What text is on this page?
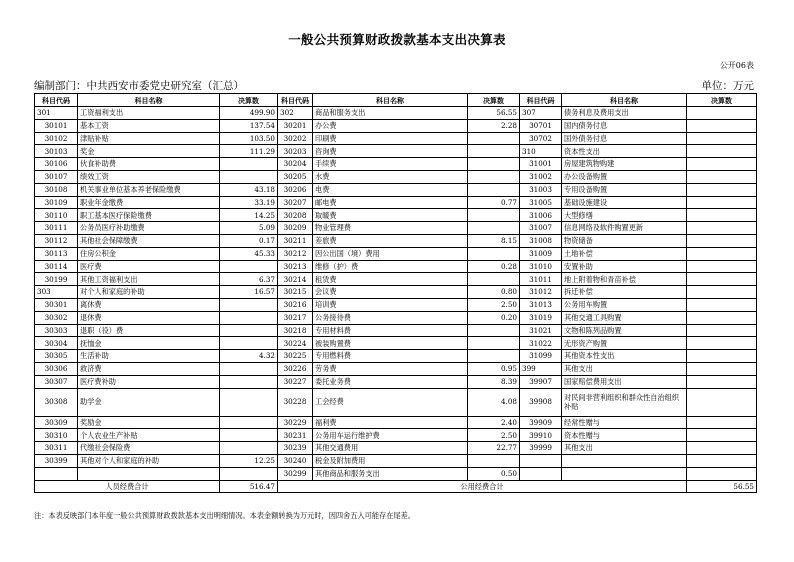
一般公共预算财政拨款基本支出决算表
公开06表
编制部门：中共西安市委党史研究室（汇总）	单位：万元
科目代码	科目名称	决算数	科目代码	科目名称	决算数	科目代码	科目名称	决算数
301	工资福利支出	499.90	302	商品和服务支出	56.55	307	债务利息及费用支出	
30101	基本工资	137.54	30201	办公费	2.28	30701	国内债务付息	
30102	津贴补贴	103.50	30202	印刷费		30702	国外债务付息	
30103	奖金	111.29	30203	咨询费		310	资本性支出	
30106	伙食补助费		30204	手续费		31001	房屋建筑物购建	
30107	绩效工资		30205	水费		31002	办公设备购置	
30108	机关事业单位基本养老保险缴费	43.18	30206	电费		31003	专用设备购置	
30109	职业年金缴费	33.19	30207	邮电费	0.77	31005	基础设施建设	
30110	职工基本医疗保险缴费	14.25	30208	取暖费		31006	大型修缮	
30111	公务员医疗补助缴费	5.09	30209	物业管理费		31007	信息网络及软件购置更新	
30112	其他社会保障缴费	0.17	30211	差旅费	8.15	31008	物资储备	
30113	住房公积金	45.33	30212	因公出国（境）费用		31009	土地补偿	
30114	医疗费		30213	维修（护）费	0.28	31010	安置补助	
30199	其他工资福利支出	6.37	30214	租赁费		31011	地上附着物和青苗补偿	
303	对个人和家庭的补助	16.57	30215	会议费	0.80	31012	拆迁补偿	
30301	离休费		30216	培训费	2.50	31013	公务用车购置	
30302	退休费		30217	公务接待费	0.20	31019	其他交通工具购置	
30303	退职（役）费		30218	专用材料费		31021	文物和陈列品购置	
30304	抚恤金		30224	被装购置费		31022	无形资产购置	
30305	生活补助	4.32	30225	专用燃料费		31099	其他资本性支出	
30306	救济费		30226	劳务费	0.95	399	其他支出	
30307	医疗费补助		30227	委托业务费	8.39	39907	国家赔偿费用支出	
30308	助学金		30228	工会经费	4.08	39908	对民间非营利组织和群众性自治组织补贴	
30309	奖励金		30229	福利费	2.40	39909	经常性赠与	
30310	个人农业生产补贴		30231	公务用车运行维护费	2.50	39910	资本性赠与	
30311	代缴社会保险费		30239	其他交通费用	22.77	39999	其他支出	
30399	其他对个人和家庭的补助	12.25	30240	税金及附加费用				
			30299	其他商品和服务支出	0.50			
人员经费合计		516.47	公用经费合计					56.55
注：本表反映部门本年度一般公共预算财政拨款基本支出明细情况。本表金额转换为万元时，因四舍五入可能存在尾差。
